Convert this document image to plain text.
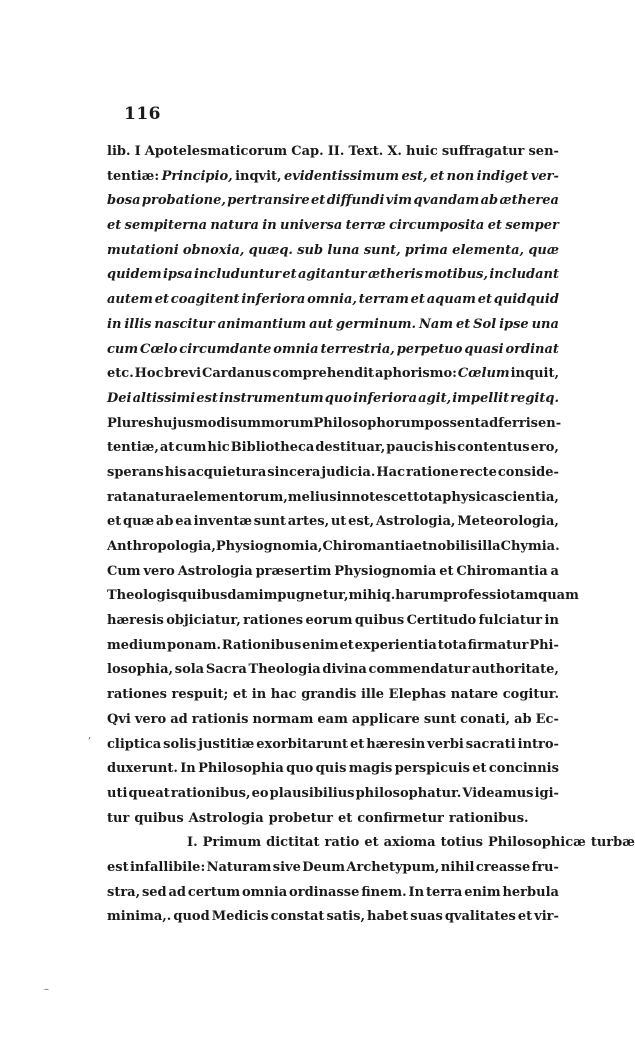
116
lib. I Apotelesmaticorum Cap. II. Text. X. huic suffragatur sen-
tentiæ: Principio, inqvit, evidentissimum est, et non indiget ver-
bosa probatione, pertransire et diffundi vim qvandam ab ætherea
et sempiterna natura in universa terræ circumposita et semper
mutationi obnoxia, quæq. sub luna sunt, prima elementa, quæ
quidem ipsa includuntur et agitantur ætheris motibus, includant
autem et coagitent inferiora omnia, terram et aquam et quidquid
in illis nascitur animantium aut germinum. Nam et Sol ipse una
cum Cœlo circumdante omnia terrestria, perpetuo quasi ordinat
etc. Hoc brevi Cardanus comprehendit aphorismo: Cœlum inquit,
Dei altissimi est instrumentum quo inferiora agit, impellit regitq.
Plures hujusmodi summorum Philosophorum possent adferri sen-
tentiæ, at cum hic Bibliotheca destituar, paucis his contentus ero,
sperans his acquietura sincera judicia. Hac ratione recte conside-
rata natura elementorum, melius innotescet tota physica scientia,
et quæ ab ea inventæ sunt artes, ut est, Astrologia, Meteorologia,
Anthropologia, Physiognomia, Chiromantia et nobilis illa Chymia.
Cum vero Astrologia præsertim Physiognomia et Chiromantia a
Theologis quibusdam impugnetur, mihiq. harum professio tamquam
hæresis objiciatur, rationes eorum quibus Certitudo fulciatur in
medium ponam. Rationibus enim et experientia tota firmatur Phi-
losophia, sola Sacra Theologia divina commendatur authoritate,
rationes respuit; et in hac grandis ille Elephas natare cogitur.
Qvi vero ad rationis normam eam applicare sunt conati, ab Ec-
cliptica solis justitiæ exorbitarunt et hæresin verbi sacrati intro-
duxerunt. In Philosophia quo quis magis perspicuis et concinnis
uti queat rationibus, eo plausibilius philosophatur. Videamus igi-
tur quibus Astrologia probetur et confirmetur rationibus.
I. Primum dictitat ratio et axioma totius Philosophicæ turbæ
est infallibile: Naturam sive Deum Archetypum, nihil creasse fru-
stra, sed ad certum omnia ordinasse finem. In terra enim herbula
minima,. quod Medicis constat satis, habet suas qvalitates et vir-
‚
–
